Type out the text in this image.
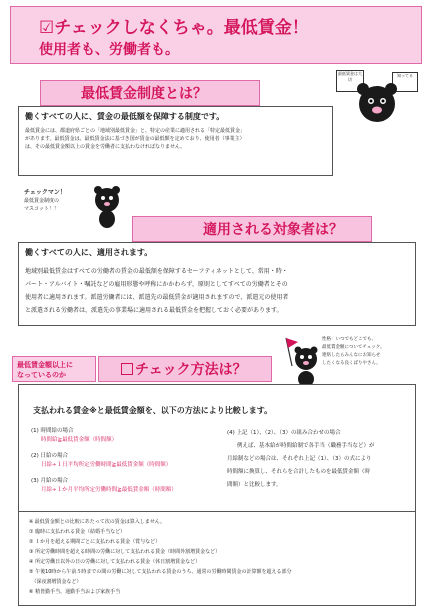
☑チェックしなくちゃ。最低賃金！
使用者も、労働者も。
最低賃金制度とは？
最低賃金は大切
知ってる
働くすべての人に、賃金の最低額を保障する制度です。
最低賃金には、都道府県ごとの「地域別最低賃金」と、特定の産業に適用される「特定最低賃金」
があります。最低賃金は、最低賃金法に基づき国が賃金の最低額を定めており、使用者（事業主）
は、その最低賃金額以上の賃金を労働者に支払わなければなりません。
チェックマン！
最低賃金制度の
マスコット！！
適用される対象者は？
働くすべての人に、適用されます。
地域別最低賃金はすべての労働者の賃金の最低額を保障するセーフティネットとして、常用・時・
パート・アルバイト・嘱託などの雇用形態や呼称にかかわらず、原則としてすべての労働者とその
使用者に適用されます。派遣労働者には、派遣先の最低賃金が適用されますので、派遣元の使用者
と派遣される労働者は、派遣先の事業場に適用される最低賃金を把握しておく必要があります。
最低賃金額以上に
なっているのか	チェック方法は？
性格：いつでもどこでも、
最低賃金額についてチェック。
連絡したらみんなにお知らせ
したくなる良くばりやさん。
支払われる賃金※と最低賃金額を、以下の方法により比較します。
(1) 時間給の場合
時間給≧最低賃金額（時間額）
(2) 日給の場合
日給÷１日平均所定労働時間≧最低賃金額（時間額）
(3) 月給の場合
月給÷１か月平均所定労働時間≧最低賃金額（時間額）
(4) 上記（1）、（2）、（3）の組み合わせの場合
例えば、基本給が時間給制で各手当（職務手当など）が
月給制などの場合は、それぞれ上記（1）、（3）の式により
時間額に換算し、それらを合計したものを最低賃金額（時
間額）と比較します。
※ 最低賃金額との比較にあたって次の賃金は算入しません。
① 臨時に支払われる賃金（結婚手当など）
② １か月を超える期間ごとに支払われる賃金（賞与など）
③ 所定労働時間を超える時間の労働に対して支払われる賃金（時間外割増賃金など）
④ 所定労働日以外の日の労働に対して支払われる賃金（休日割増賃金など）
⑤ 午後10時から午前５時までの間の労働に対して支払われる賃金のうち、通常の労働時間賃金の計算額を超える部分
　（深夜割増賃金など）
⑥ 精皆勤手当、通勤手当および家族手当
